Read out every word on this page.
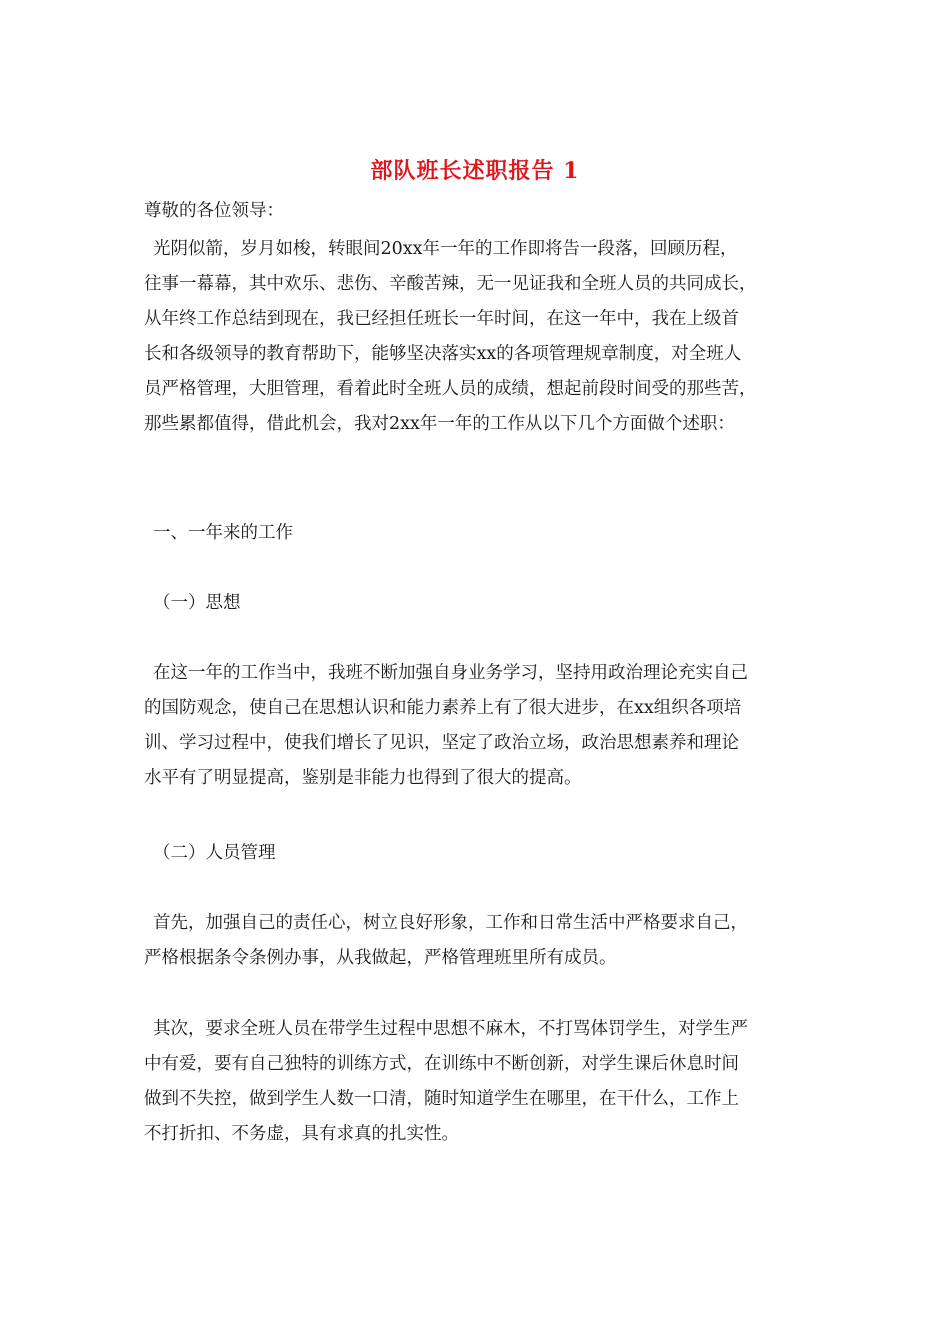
部队班长述职报告 1

尊敬的各位领导：

光阴似箭，岁月如梭，转眼间20xx年一年的工作即将告一段落，回顾历程，
往事一幕幕，其中欢乐、悲伤、辛酸苦辣，无一见证我和全班人员的共同成长，
从年终工作总结到现在，我已经担任班长一年时间，在这一年中，我在上级首
长和各级领导的教育帮助下，能够坚决落实xx的各项管理规章制度，对全班人
员严格管理，大胆管理，看着此时全班人员的成绩，想起前段时间受的那些苦，
那些累都值得，借此机会，我对2xx年一年的工作从以下几个方面做个述职：

一、一年来的工作

（一）思想

在这一年的工作当中，我班不断加强自身业务学习，坚持用政治理论充实自己
的国防观念，使自己在思想认识和能力素养上有了很大进步，在xx组织各项培
训、学习过程中，使我们增长了见识，坚定了政治立场，政治思想素养和理论
水平有了明显提高，鉴别是非能力也得到了很大的提高。

（二）人员管理

首先，加强自己的责任心，树立良好形象，工作和日常生活中严格要求自己，
严格根据条令条例办事，从我做起，严格管理班里所有成员。

其次，要求全班人员在带学生过程中思想不麻木，不打骂体罚学生，对学生严
中有爱，要有自己独特的训练方式，在训练中不断创新，对学生课后休息时间
做到不失控，做到学生人数一口清，随时知道学生在哪里，在干什么，工作上
不打折扣、不务虚，具有求真的扎实性。
